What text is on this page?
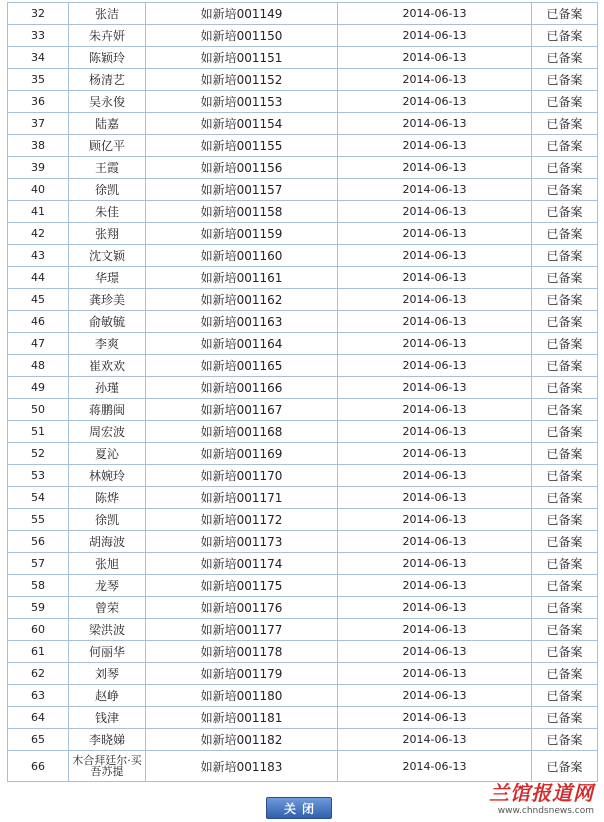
32	张洁	如新培001149	2014-06-13	已备案
33	朱卉妍	如新培001150	2014-06-13	已备案
34	陈颖玲	如新培001151	2014-06-13	已备案
35	杨清艺	如新培001152	2014-06-13	已备案
36	吴永俊	如新培001153	2014-06-13	已备案
37	陆嘉	如新培001154	2014-06-13	已备案
38	顾亿平	如新培001155	2014-06-13	已备案
39	王霞	如新培001156	2014-06-13	已备案
40	徐凯	如新培001157	2014-06-13	已备案
41	朱佳	如新培001158	2014-06-13	已备案
42	张翔	如新培001159	2014-06-13	已备案
43	沈文颖	如新培001160	2014-06-13	已备案
44	华璟	如新培001161	2014-06-13	已备案
45	龚珍美	如新培001162	2014-06-13	已备案
46	俞敏毓	如新培001163	2014-06-13	已备案
47	李爽	如新培001164	2014-06-13	已备案
48	崔欢欢	如新培001165	2014-06-13	已备案
49	孙瑾	如新培001166	2014-06-13	已备案
50	蒋鹏闽	如新培001167	2014-06-13	已备案
51	周宏波	如新培001168	2014-06-13	已备案
52	夏沁	如新培001169	2014-06-13	已备案
53	林婉玲	如新培001170	2014-06-13	已备案
54	陈烨	如新培001171	2014-06-13	已备案
55	徐凯	如新培001172	2014-06-13	已备案
56	胡海波	如新培001173	2014-06-13	已备案
57	张旭	如新培001174	2014-06-13	已备案
58	龙琴	如新培001175	2014-06-13	已备案
59	曾荣	如新培001176	2014-06-13	已备案
60	梁洪波	如新培001177	2014-06-13	已备案
61	何丽华	如新培001178	2014-06-13	已备案
62	刘琴	如新培001179	2014-06-13	已备案
63	赵峥	如新培001180	2014-06-13	已备案
64	钱津	如新培001181	2014-06-13	已备案
65	李晓娣	如新培001182	2014-06-13	已备案
66	木合拜廷尔·买吾苏提	如新培001183	2014-06-13	已备案
关闭
兰馆报道网
www.chndsnews.com
